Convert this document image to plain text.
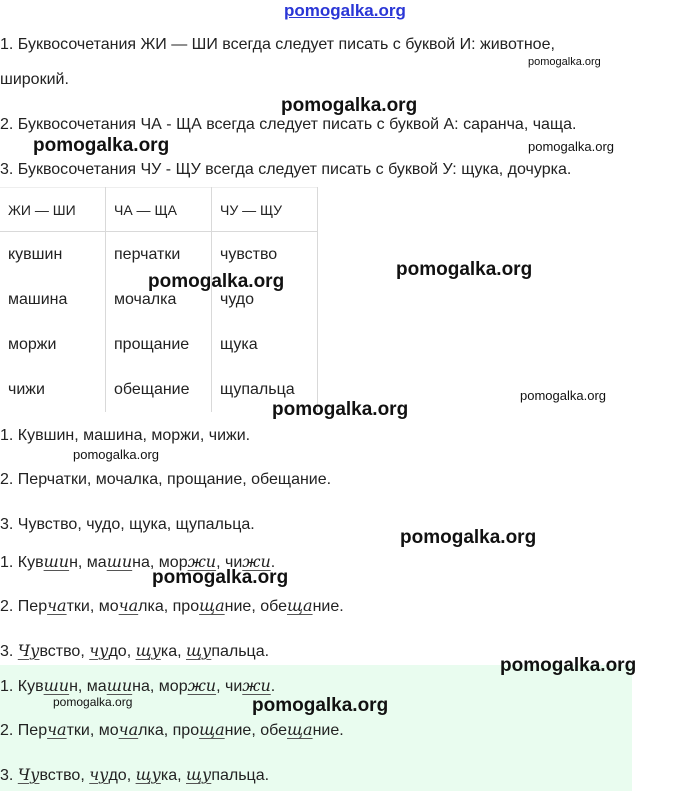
pomogalka.org
1. Буквосочетания ЖИ — ШИ всегда следует писать с буквой И: животное,
широкий.
2. Буквосочетания ЧА - ЩА всегда следует писать с буквой А: саранча, чаща.
3. Буквосочетания ЧУ - ЩУ всегда следует писать с буквой У: щука, дочурка.
ЖИ — ШИ	ЧА — ЩА	ЧУ — ЩУ
кувшин	перчатки	чувство
машина	мочалка	чудо
моржи	прощание	щука
чижи	обещание	щупальца
1. Кувшин, машина, моржи, чижи.
2. Перчатки, мочалка, прощание, обещание.
3. Чувство, чудо, щука, щупальца.
1. Кувшин, машина, моржи, чижи.
2. Перчатки, мочалка, прощание, обещание.
3. Чувство, чудо, щука, щупальца.
1. Кувшин, машина, моржи, чижи.
2. Перчатки, мочалка, прощание, обещание.
3. Чувство, чудо, щука, щупальца.
pomogalka.org
pomogalka.org
pomogalka.org	pomogalka.org
pomogalka.org
pomogalka.org
pomogalka.org
pomogalka.org
pomogalka.org
pomogalka.org
pomogalka.org
pomogalka.org
pomogalka.org	pomogalka.org
